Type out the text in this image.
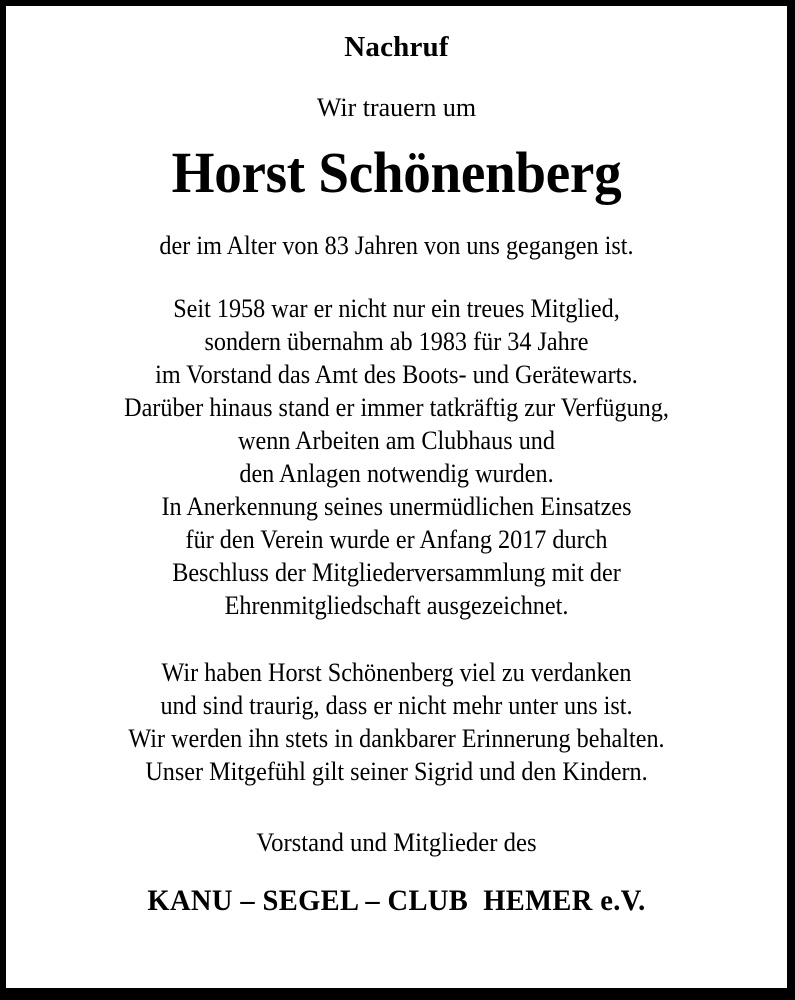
Nachruf
Wir trauern um
Horst Schönenberg
der im Alter von 83 Jahren von uns gegangen ist.
Seit 1958 war er nicht nur ein treues Mitglied,
sondern übernahm ab 1983 für 34 Jahre
im Vorstand das Amt des Boots- und Gerätewarts.
Darüber hinaus stand er immer tatkräftig zur Verfügung,
wenn Arbeiten am Clubhaus und
den Anlagen notwendig wurden.
In Anerkennung seines unermüdlichen Einsatzes
für den Verein wurde er Anfang 2017 durch
Beschluss der Mitgliederversammlung mit der
Ehrenmitgliedschaft ausgezeichnet.
Wir haben Horst Schönenberg viel zu verdanken
und sind traurig, dass er nicht mehr unter uns ist.
Wir werden ihn stets in dankbarer Erinnerung behalten.
Unser Mitgefühl gilt seiner Sigrid und den Kindern.
Vorstand und Mitglieder des
KANU – SEGEL – CLUB  HEMER e.V.
